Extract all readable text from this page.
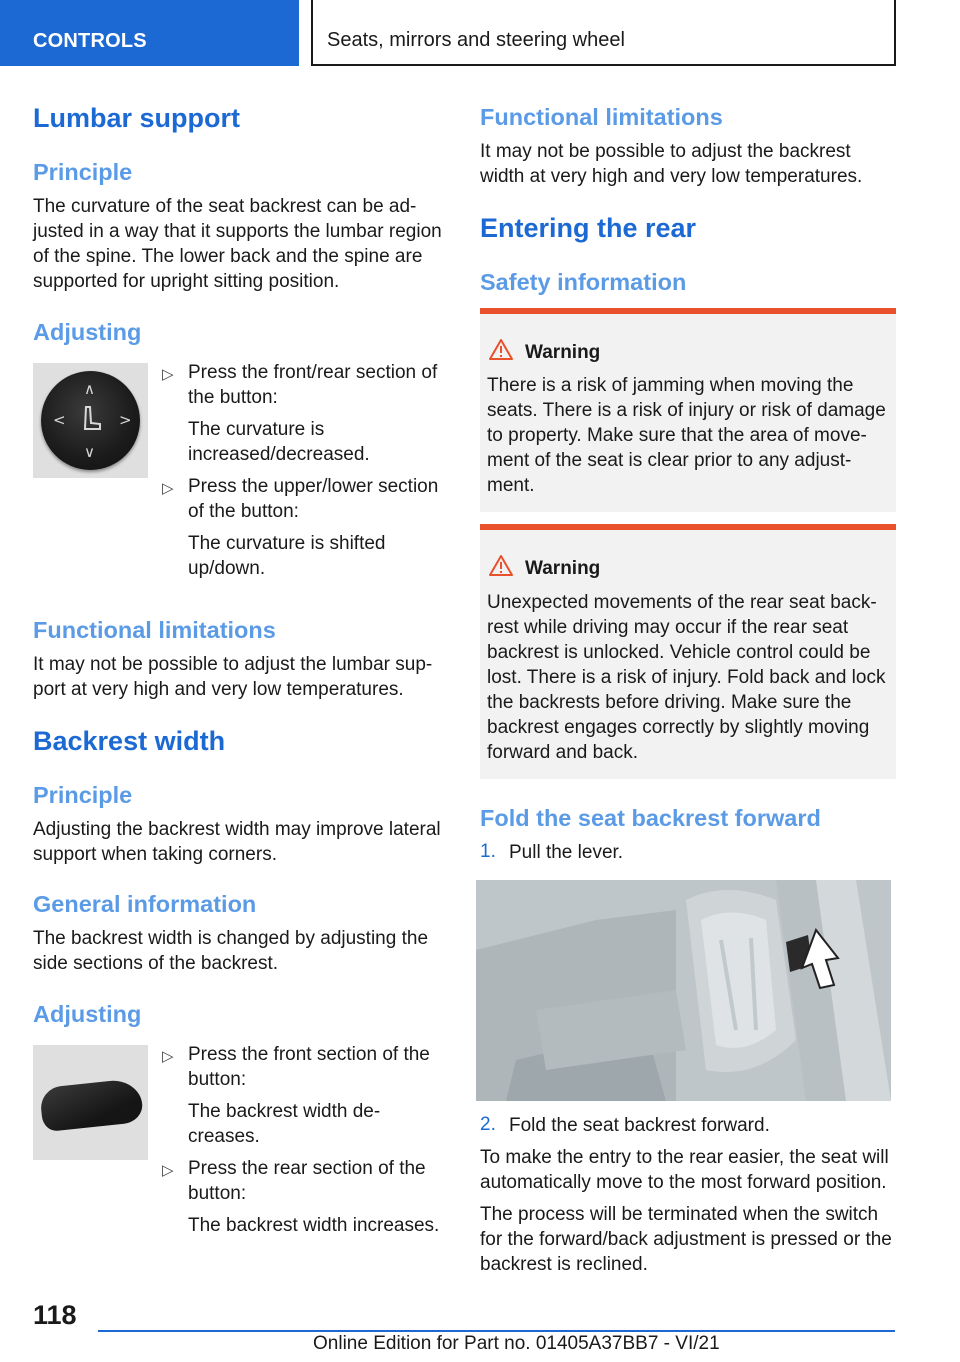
CONTROLS	Seats, mirrors and steering wheel
Lumbar support
Principle
The curvature of the seat backrest can be ad-justed in a way that it supports the lumbar region of the spine. The lower back and the spine are supported for upright sitting position.
Adjusting
∧
∨
<	>
▷ Press the front/rear section of the button:
The curvature is increased/decreased.
▷ Press the upper/lower section of the button:
The curvature is shifted up/down.
Functional limitations
It may not be possible to adjust the lumbar sup-port at very high and very low temperatures.
Backrest width
Principle
Adjusting the backrest width may improve lateral support when taking corners.
General information
The backrest width is changed by adjusting the side sections of the backrest.
Adjusting
▷ Press the front section of the button:
The backrest width de-creases.
▷ Press the rear section of the button:
The backrest width increases.
Functional limitations
It may not be possible to adjust the backrest width at very high and very low temperatures.
Entering the rear
Safety information
Warning
There is a risk of jamming when moving the seats. There is a risk of injury or risk of damage to property. Make sure that the area of move-ment of the seat is clear prior to any adjust-ment.
Warning
Unexpected movements of the rear seat back-rest while driving may occur if the rear seat backrest is unlocked. Vehicle control could be lost. There is a risk of injury. Fold back and lock the backrests before driving. Make sure the backrest engages correctly by slightly moving forward and back.
Fold the seat backrest forward
1. Pull the lever.
2. Fold the seat backrest forward.
To make the entry to the rear easier, the seat will automatically move to the most forward position.
The process will be terminated when the switch for the forward/back adjustment is pressed or the backrest is reclined.
118
Online Edition for Part no. 01405A37BB7 - VI/21
